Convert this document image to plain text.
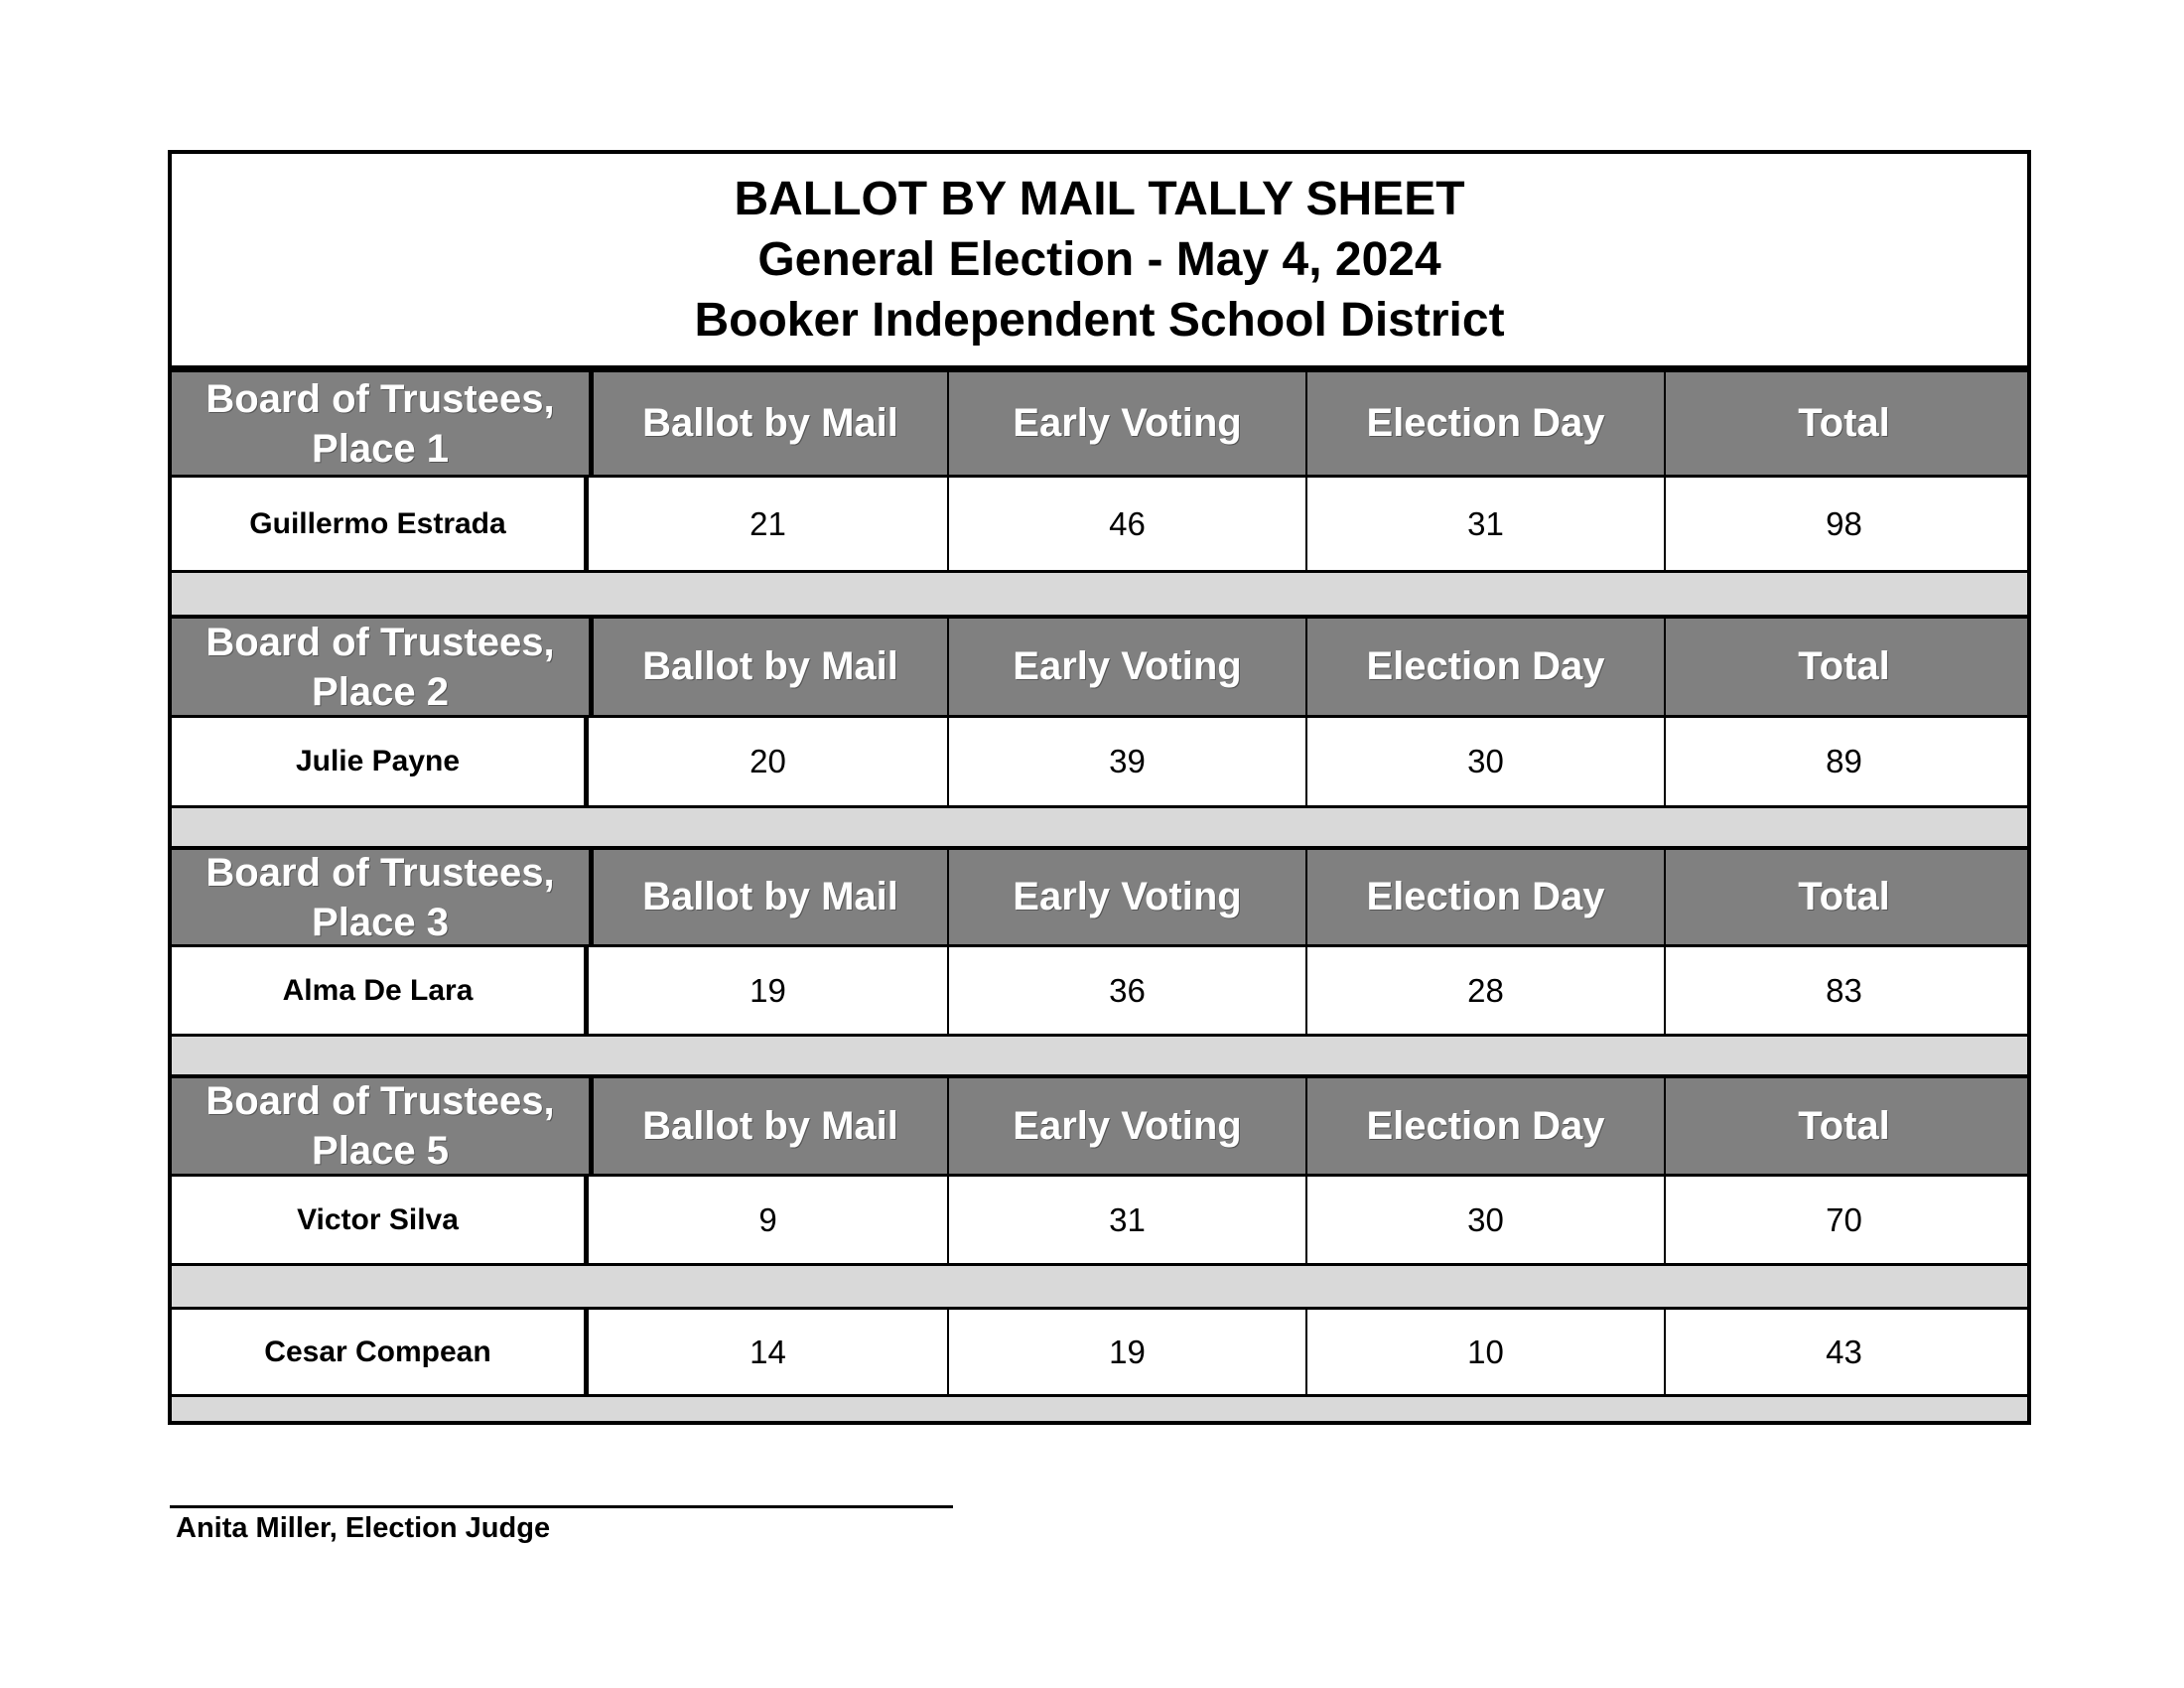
BALLOT BY MAIL TALLY SHEET
General Election - May 4, 2024
Booker Independent School District
Board of Trustees,
Place 1
Ballot by Mail	Early Voting	Election Day	Total
Guillermo Estrada	21	46	31	98
Board of Trustees,
Place 2
Ballot by Mail	Early Voting	Election Day	Total
Julie Payne	20	39	30	89
Board of Trustees,
Place 3
Ballot by Mail	Early Voting	Election Day	Total
Alma De Lara	19	36	28	83
Board of Trustees,
Place 5
Ballot by Mail	Early Voting	Election Day	Total
Victor Silva	9	31	30	70
Cesar Compean	14	19	10	43
Anita Miller, Election Judge
